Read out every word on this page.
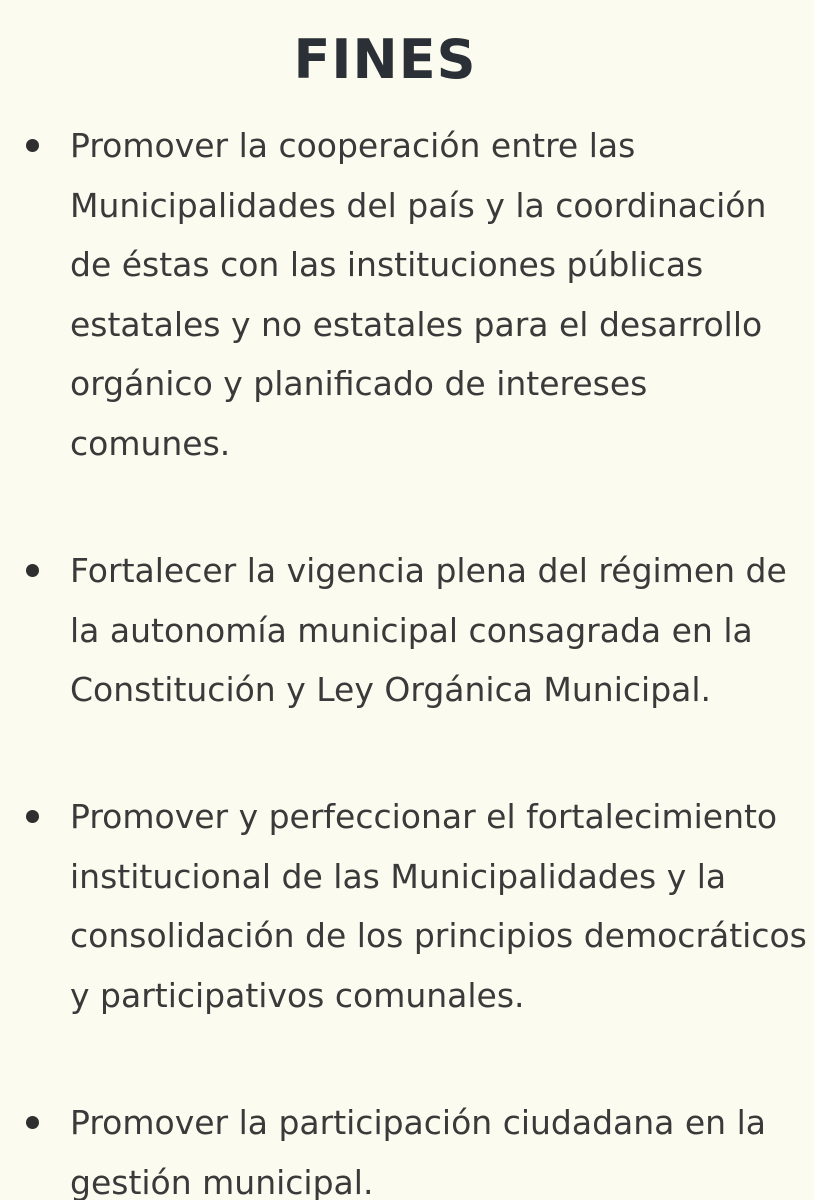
FINES
Promover la cooperación entre las
Municipalidades del país y la coordinación
de éstas con las instituciones públicas
estatales y no estatales para el desarrollo
orgánico y planificado de intereses
comunes.
Fortalecer la vigencia plena del régimen de
la autonomía municipal consagrada en la
Constitución y Ley Orgánica Municipal.
Promover y perfeccionar el fortalecimiento
institucional de las Municipalidades y la
consolidación de los principios democráticos
y participativos comunales.
Promover la participación ciudadana en la
gestión municipal.
